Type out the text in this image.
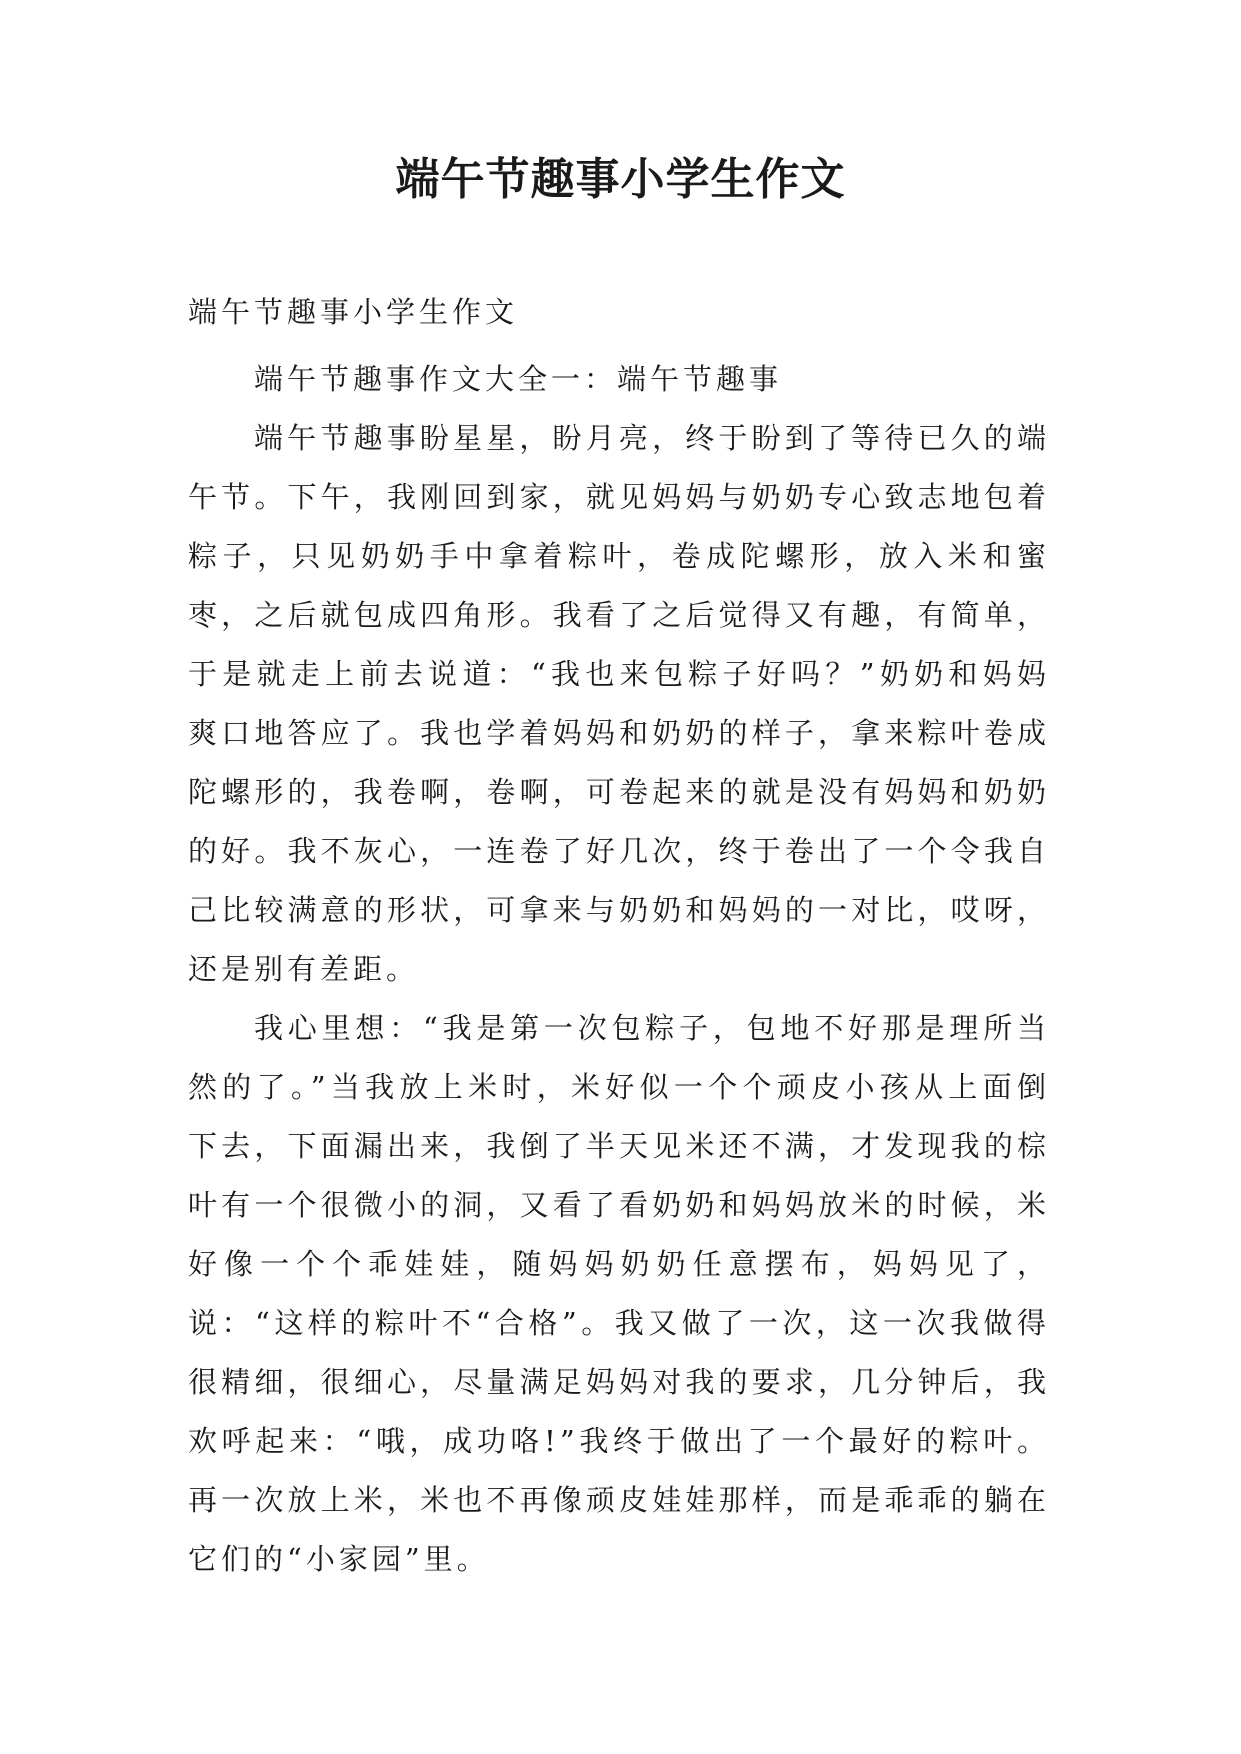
端午节趣事小学生作文

端午节趣事小学生作文

端午节趣事作文大全一：端午节趣事

端午节趣事盼星星，盼月亮，终于盼到了等待已久的端午节。下午，我刚回到家，就见妈妈与奶奶专心致志地包着粽子，只见奶奶手中拿着粽叶，卷成陀螺形，放入米和蜜枣，之后就包成四角形。我看了之后觉得又有趣，有简单，于是就走上前去说道：“我也来包粽子好吗？”奶奶和妈妈爽口地答应了。我也学着妈妈和奶奶的样子，拿来粽叶卷成陀螺形的，我卷啊，卷啊，可卷起来的就是没有妈妈和奶奶的好。我不灰心，一连卷了好几次，终于卷出了一个令我自己比较满意的形状，可拿来与奶奶和妈妈的一对比，哎呀，还是别有差距。

我心里想：“我是第一次包粽子，包地不好那是理所当然的了。”当我放上米时，米好似一个个顽皮小孩从上面倒下去，下面漏出来，我倒了半天见米还不满，才发现我的棕叶有一个很微小的洞，又看了看奶奶和妈妈放米的时候，米好像一个个乖娃娃，随妈妈奶奶任意摆布，妈妈见了，说：“这样的粽叶不“合格”。我又做了一次，这一次我做得很精细，很细心，尽量满足妈妈对我的要求，几分钟后，我欢呼起来：“哦，成功咯!”我终于做出了一个最好的粽叶。再一次放上米，米也不再像顽皮娃娃那样，而是乖乖的躺在它们的“小家园”里。
